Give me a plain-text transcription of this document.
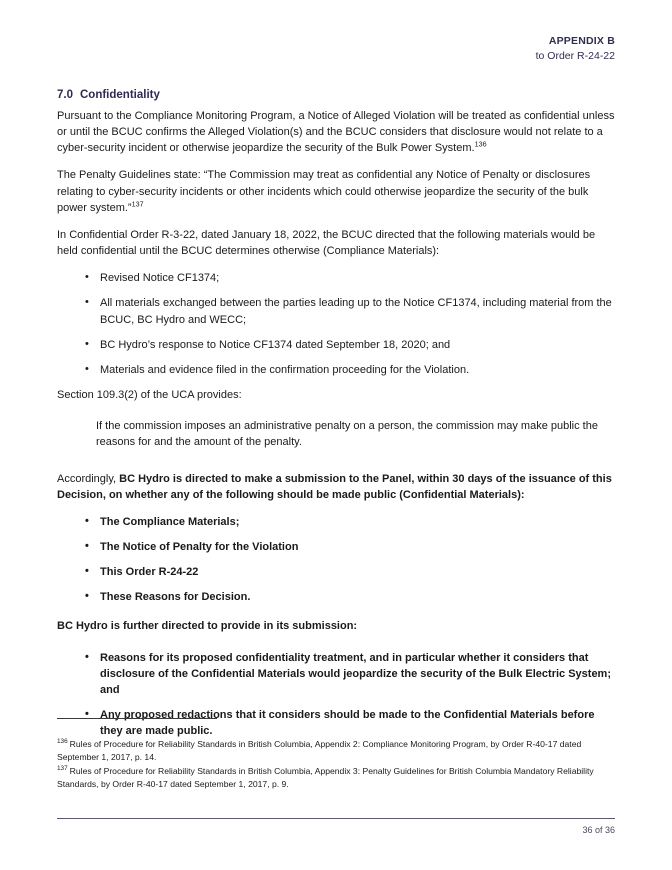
APPENDIX B
to Order R-24-22
7.0 Confidentiality

Pursuant to the Compliance Monitoring Program, a Notice of Alleged Violation will be treated as confidential unless or until the BCUC confirms the Alleged Violation(s) and the BCUC considers that disclosure would not relate to a cyber-security incident or otherwise jeopardize the security of the Bulk Power System.$^{136}$

The Penalty Guidelines state: “The Commission may treat as confidential any Notice of Penalty or disclosures relating to cyber-security incidents or other incidents which could otherwise jeopardize the security of the bulk power system.”$^{137}$

In Confidential Order R-3-22, dated January 18, 2022, the BCUC directed that the following materials would be held confidential until the BCUC determines otherwise (Compliance Materials):

• Revised Notice CF1374;
• All materials exchanged between the parties leading up to the Notice CF1374, including material from the BCUC, BC Hydro and WECC;
• BC Hydro’s response to Notice CF1374 dated September 18, 2020; and
• Materials and evidence filed in the confirmation proceeding for the Violation.

Section 109.3(2) of the UCA provides:

If the commission imposes an administrative penalty on a person, the commission may make public the reasons for and the amount of the penalty.

Accordingly, BC Hydro is directed to make a submission to the Panel, within 30 days of the issuance of this Decision, on whether any of the following should be made public (Confidential Materials):

• The Compliance Materials;
• The Notice of Penalty for the Violation
• This Order R-24-22
• These Reasons for Decision.

BC Hydro is further directed to provide in its submission:

• Reasons for its proposed confidentiality treatment, and in particular whether it considers that disclosure of the Confidential Materials would jeopardize the security of the Bulk Electric System; and
• Any proposed redactions that it considers should be made to the Confidential Materials before they are made public.
$^{136}$ Rules of Procedure for Reliability Standards in British Columbia, Appendix 2: Compliance Monitoring Program, by Order R-40-17 dated September 1, 2017, p. 14.
$^{137}$ Rules of Procedure for Reliability Standards in British Columbia, Appendix 3: Penalty Guidelines for British Columbia Mandatory Reliability Standards, by Order R-40-17 dated September 1, 2017, p. 9.
36 of 36
